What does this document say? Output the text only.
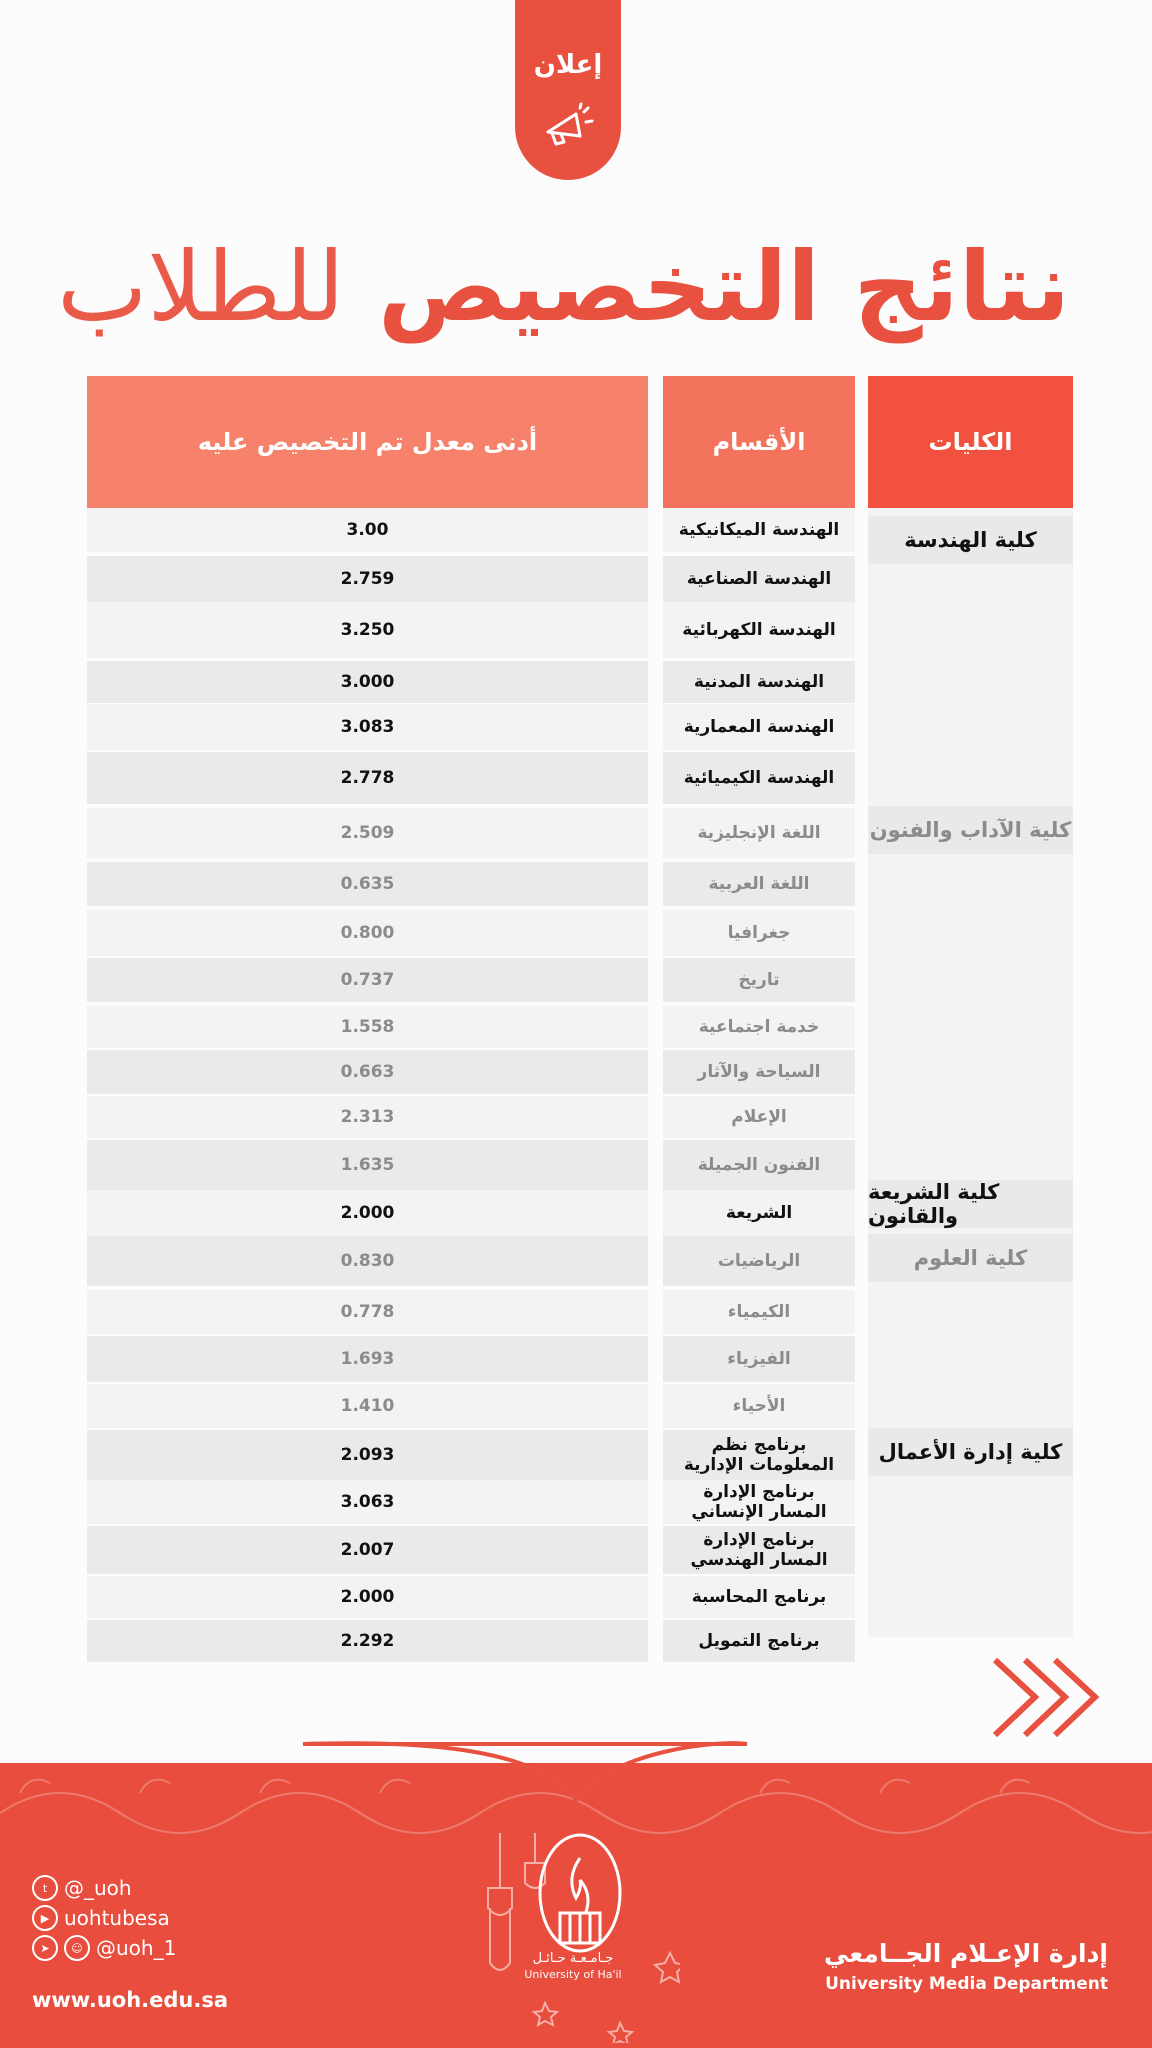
إعلان
نتائج التخصيص للطلاب
الكليات
كلية الهندسة
كلية الآداب والفنون
كلية الشريعة والقانون
كلية العلوم
كلية إدارة الأعمال
الأقسام
الهندسة الميكانيكية
الهندسة الصناعية
الهندسة الكهربائية
الهندسة المدنية
الهندسة المعمارية
الهندسة الكيميائية
اللغة الإنجليزية
اللغة العربية
جغرافيا
تاريخ
خدمة اجتماعية
السياحة والآثار
الإعلام
الفنون الجميلة
الشريعة
الرياضيات
الكيمياء
الفيزياء
الأحياء
برنامج نظم المعلومات الإدارية
برنامج الإدارة المسار الإنساني
برنامج الإدارة المسار الهندسي
برنامج المحاسبة
برنامج التمويل
أدنى معدل تم التخصيص عليه
3.00
2.759
3.250
3.000
3.083
2.778
2.509
0.635
0.800
0.737
1.558
0.663
2.313
1.635
2.000
0.830
0.778
1.693
1.410
2.093
3.063
2.007
2.000
2.292
t @_uoh
▶ uohtubesa
➤	☺ @uoh_1
www.uoh.edu.sa
جـامـعـة حـائـل
University of Ha'il
إدارة الإعـلام الجــامعي
University Media Department
